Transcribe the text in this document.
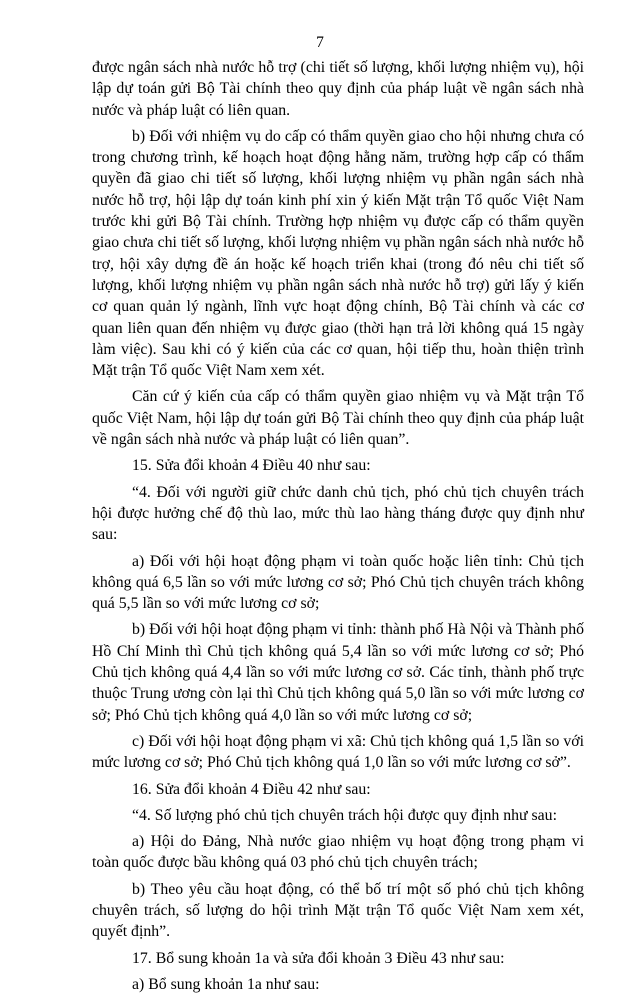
7

được ngân sách nhà nước hỗ trợ (chi tiết số lượng, khối lượng nhiệm vụ), hội lập dự toán gửi Bộ Tài chính theo quy định của pháp luật về ngân sách nhà nước và pháp luật có liên quan.

b) Đối với nhiệm vụ do cấp có thẩm quyền giao cho hội nhưng chưa có trong chương trình, kế hoạch hoạt động hằng năm, trường hợp cấp có thẩm quyền đã giao chi tiết số lượng, khối lượng nhiệm vụ phần ngân sách nhà nước hỗ trợ, hội lập dự toán kinh phí xin ý kiến Mặt trận Tổ quốc Việt Nam trước khi gửi Bộ Tài chính. Trường hợp nhiệm vụ được cấp có thẩm quyền giao chưa chi tiết số lượng, khối lượng nhiệm vụ phần ngân sách nhà nước hỗ trợ, hội xây dựng đề án hoặc kế hoạch triển khai (trong đó nêu chi tiết số lượng, khối lượng nhiệm vụ phần ngân sách nhà nước hỗ trợ) gửi lấy ý kiến cơ quan quản lý ngành, lĩnh vực hoạt động chính, Bộ Tài chính và các cơ quan liên quan đến nhiệm vụ được giao (thời hạn trả lời không quá 15 ngày làm việc). Sau khi có ý kiến của các cơ quan, hội tiếp thu, hoàn thiện trình Mặt trận Tổ quốc Việt Nam xem xét.

Căn cứ ý kiến của cấp có thẩm quyền giao nhiệm vụ và Mặt trận Tổ quốc Việt Nam, hội lập dự toán gửi Bộ Tài chính theo quy định của pháp luật về ngân sách nhà nước và pháp luật có liên quan”.

15. Sửa đổi khoản 4 Điều 40 như sau:

“4. Đối với người giữ chức danh chủ tịch, phó chủ tịch chuyên trách hội được hưởng chế độ thù lao, mức thù lao hàng tháng được quy định như sau:

a) Đối với hội hoạt động phạm vi toàn quốc hoặc liên tỉnh: Chủ tịch không quá 6,5 lần so với mức lương cơ sở; Phó Chủ tịch chuyên trách không quá 5,5 lần so với mức lương cơ sở;

b) Đối với hội hoạt động phạm vi tỉnh: thành phố Hà Nội và Thành phố Hồ Chí Minh thì Chủ tịch không quá 5,4 lần so với mức lương cơ sở; Phó Chủ tịch không quá 4,4 lần so với mức lương cơ sở. Các tỉnh, thành phố trực thuộc Trung ương còn lại thì Chủ tịch không quá 5,0 lần so với mức lương cơ sở; Phó Chủ tịch không quá 4,0 lần so với mức lương cơ sở;

c) Đối với hội hoạt động phạm vi xã: Chủ tịch không quá 1,5 lần so với mức lương cơ sở; Phó Chủ tịch không quá 1,0 lần so với mức lương cơ sở”.

16. Sửa đổi khoản 4 Điều 42 như sau:

“4. Số lượng phó chủ tịch chuyên trách hội được quy định như sau:

a) Hội do Đảng, Nhà nước giao nhiệm vụ hoạt động trong phạm vi toàn quốc được bầu không quá 03 phó chủ tịch chuyên trách;

b) Theo yêu cầu hoạt động, có thể bố trí một số phó chủ tịch không chuyên trách, số lượng do hội trình Mặt trận Tổ quốc Việt Nam xem xét, quyết định”.

17. Bổ sung khoản 1a và sửa đổi khoản 3 Điều 43 như sau:

a) Bổ sung khoản 1a như sau:
